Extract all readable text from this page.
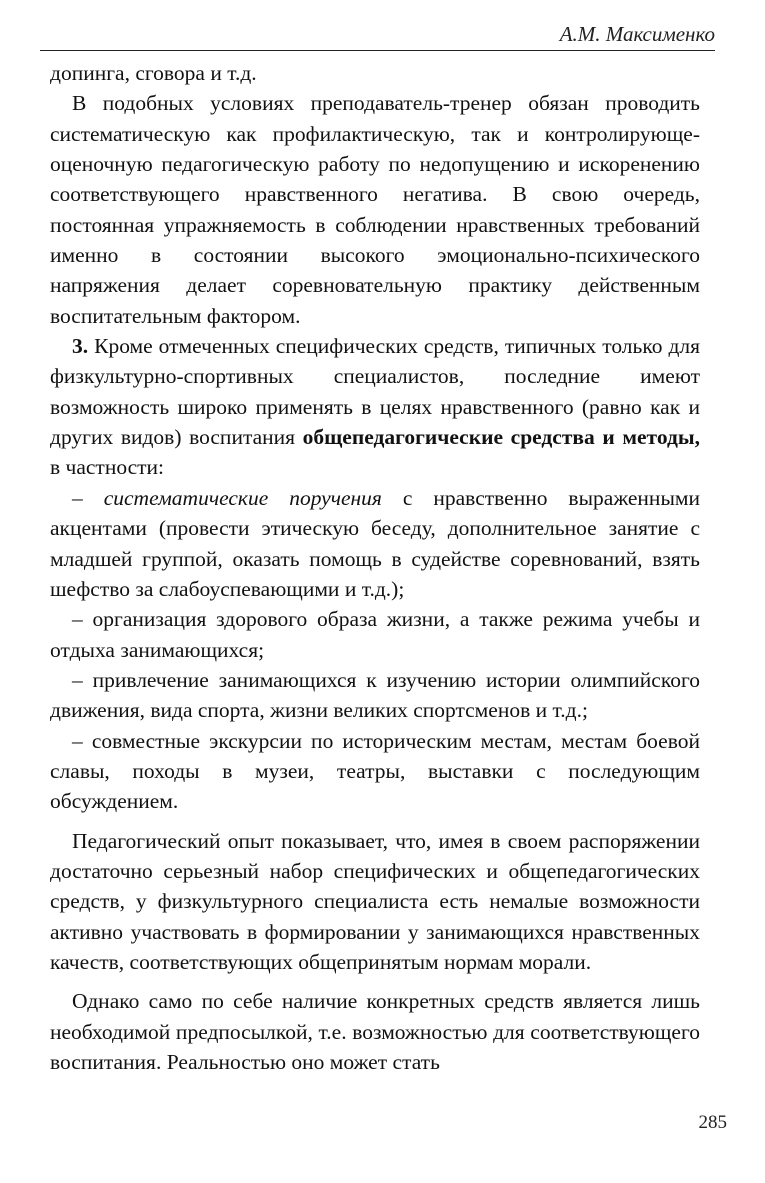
А.М. Максименко

допинга, сговора и т.д.

В подобных условиях преподаватель-тренер обязан проводить систематическую как профилактическую, так и контролирующе-оценочную педагогическую работу по недопущению и искоренению соответствующего нравственного негатива. В свою очередь, постоянная упражняемость в соблюдении нравственных требований именно в состоянии высокого эмоционально-психического напряжения делает соревновательную практику действенным воспитательным фактором.

3. Кроме отмеченных специфических средств, типичных только для физкультурно-спортивных специалистов, последние имеют возможность широко применять в целях нравственного (равно как и других видов) воспитания общепедагогические средства и методы, в частности:

– систематические поручения с нравственно выраженными акцентами (провести этическую беседу, дополнительное занятие с младшей группой, оказать помощь в судействе соревнований, взять шефство за слабоуспевающими и т.д.);

– организация здорового образа жизни, а также режима учебы и отдыха занимающихся;

– привлечение занимающихся к изучению истории олимпийского движения, вида спорта, жизни великих спортсменов и т.д.;

– совместные экскурсии по историческим местам, местам боевой славы, походы в музеи, театры, выставки с последующим обсуждением.

Педагогический опыт показывает, что, имея в своем распоряжении достаточно серьезный набор специфических и общепедагогических средств, у физкультурного специалиста есть немалые возможности активно участвовать в формировании у занимающихся нравственных качеств, соответствующих общепринятым нормам морали.

Однако само по себе наличие конкретных средств является лишь необходимой предпосылкой, т.е. возможностью для соответствующего воспитания. Реальностью оно может стать

285
